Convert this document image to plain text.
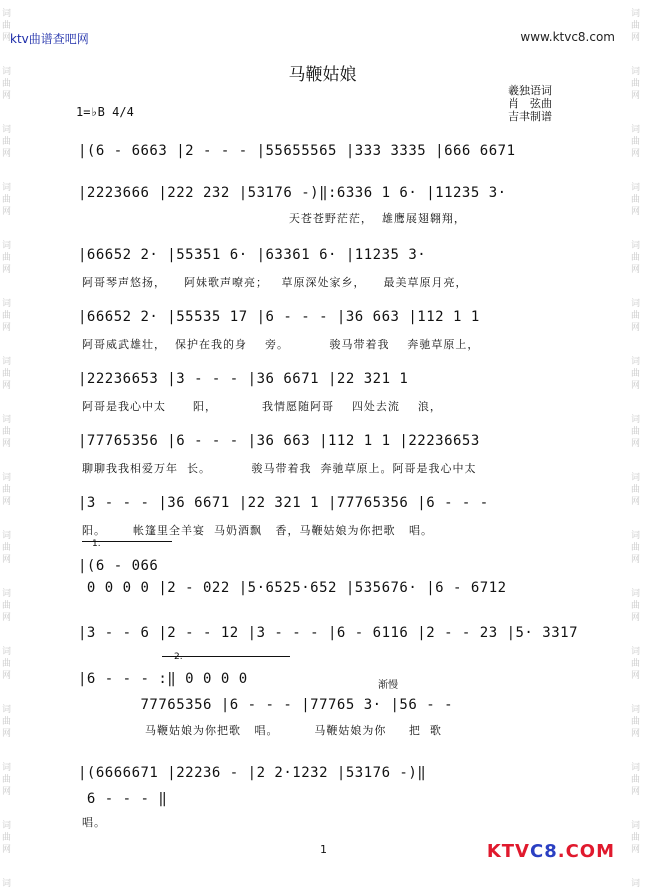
词
曲
网
词
曲
网
词
曲
网
词
曲
网
词
曲
网
词
曲
网
词
曲
网
词
曲
网
词
曲
网
词
曲
网
词
曲
网
词
曲
网
词
曲
网
词
曲
网
词
曲
网
词
词
曲
网
词
曲
网
词
曲
网
词
曲
网
词
曲
网
词
曲
网
词
曲
网
词
曲
网
词
曲
网
词
曲
网
词
曲
网
词
曲
网
词
曲
网
词
曲
网
词
曲
网
词
ktv曲谱查吧网	www.ktvc8.com
马鞭姑娘
羲独语词
肖　弦曲
吉聿制谱
1=♭B 4/4
|(6 - 6663 |2 - - - |55655565 |333 3335 |666 6671
|2223666 |222 232 |53176 -)‖:6336 1 6· |11235 3·
天苍苍野茫茫，  雄鹰展翅翱翔，
|66652 2· |55351 6· |63361 6· |11235 3·
阿哥琴声悠扬，    阿妹歌声嘹亮；   草原深处家乡，    最美草原月亮，
|66652 2· |55535 17 |6 - - - |36 663 |112 1 1
阿哥威武雄壮，  保护在我的身    旁。         骏马带着我    奔驰草原上，
|22236653 |3 - - - |36 6671 |22 321 1
阿哥是我心中太      阳，          我情愿随阿哥    四处去流    浪，
|77765356 |6 - - - |36 663 |112 1 1 |22236653
聊聊我我相爱万年  长。         骏马带着我  奔驰草原上。阿哥是我心中太
|3 - - - |36 6671 |22 321 1 |77765356 |6 - - -
阳。      帐篷里全羊宴  马奶酒飘   香，马鞭姑娘为你把歌   唱。
1.
|(6 - 066
0 0 0 0 |2 - 022 |5·6525·652 |535676· |6 - 6712
|3 - - 6 |2 - - 12 |3 - - - |6 - 6116 |2 - - 23 |5· 3317
2.
渐慢
|6 - - - :‖ 0 0 0 0
77765356 |6 - - - |77765 3· |56 - -
马鞭姑娘为你把歌   唱。        马鞭姑娘为你     把  歌
|(6666671 |22236 - |2 2·1232 |53176 -)‖
6 - - - ‖
唱。
1	KTVC8.COM
